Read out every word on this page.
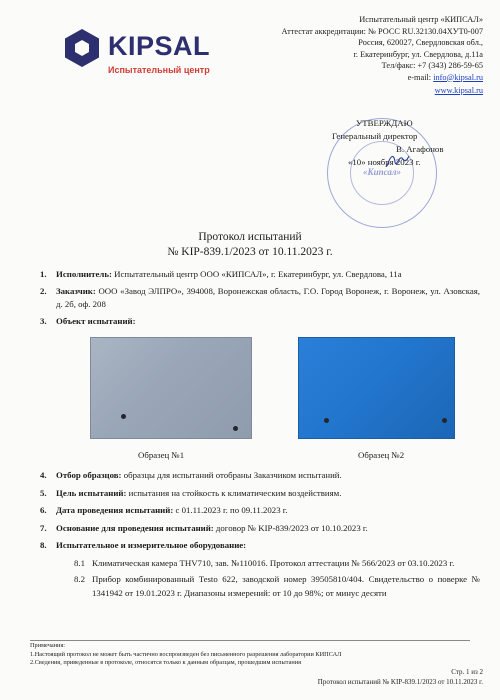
KIPSAL
Испытательный центр
Испытательный центр «КИПСАЛ»
Аттестат аккредитации: № РОСС RU.32130.04ХУТ0-007
Россия, 620027, Свердловская обл.,
г. Екатеринбург, ул. Свердлова, д.11а
Тел/факс: +7 (343) 286-59-65
e-mail: info@kipsal.ru
www.kipsal.ru
«Кипсал»
УТВЕРЖДАЮ
Генеральный директор
В. Агафонов
«10» ноября 2023 г.
Протокол испытаний
№ KIP-839.1/2023 от 10.11.2023 г.
1.	Исполнитель: Испытательный центр ООО «КИПСАЛ», г. Екатеринбург, ул. Свердлова, 11а
2.	Заказчик: ООО «Завод ЭЛПРО», 394008, Воронежская область, Г.О. Город Воронеж, г. Воронеж, ул. Азовская, д. 2б, оф. 208
3.	Объект испытаний:
Образец №1	Образец №2
4.	Отбор образцов: образцы для испытаний отобраны Заказчиком испытаний.
5.	Цель испытаний: испытания на стойкость к климатическим воздействиям.
6.	Дата проведения испытаний: с 01.11.2023 г. по 09.11.2023 г.
7.	Основание для проведения испытаний: договор № KIP-839/2023 от 10.10.2023 г.
8.	Испытательное и измерительное оборудование:
8.1 Климатическая камера THV710, зав. №110016. Протокол аттестации № 566/2023 от 03.10.2023 г.
8.2 Прибор комбинированный Testo 622, заводской номер 39505810/404. Свидетельство о поверке № 1341942 от 19.01.2023 г. Диапазоны измерений: от 10 до 98%; от минус десяти
Примечания:
1.Настоящий протокол не может быть частично воспроизведен без письменного разрешения лаборатории КИПСАЛ
2.Сведения, приведенные в протоколе, относятся только к данным образцам, прошедшим испытания
Стр. 1 из 2
Протокол испытаний № KIP-839.1/2023 от 10.11.2023 г.
